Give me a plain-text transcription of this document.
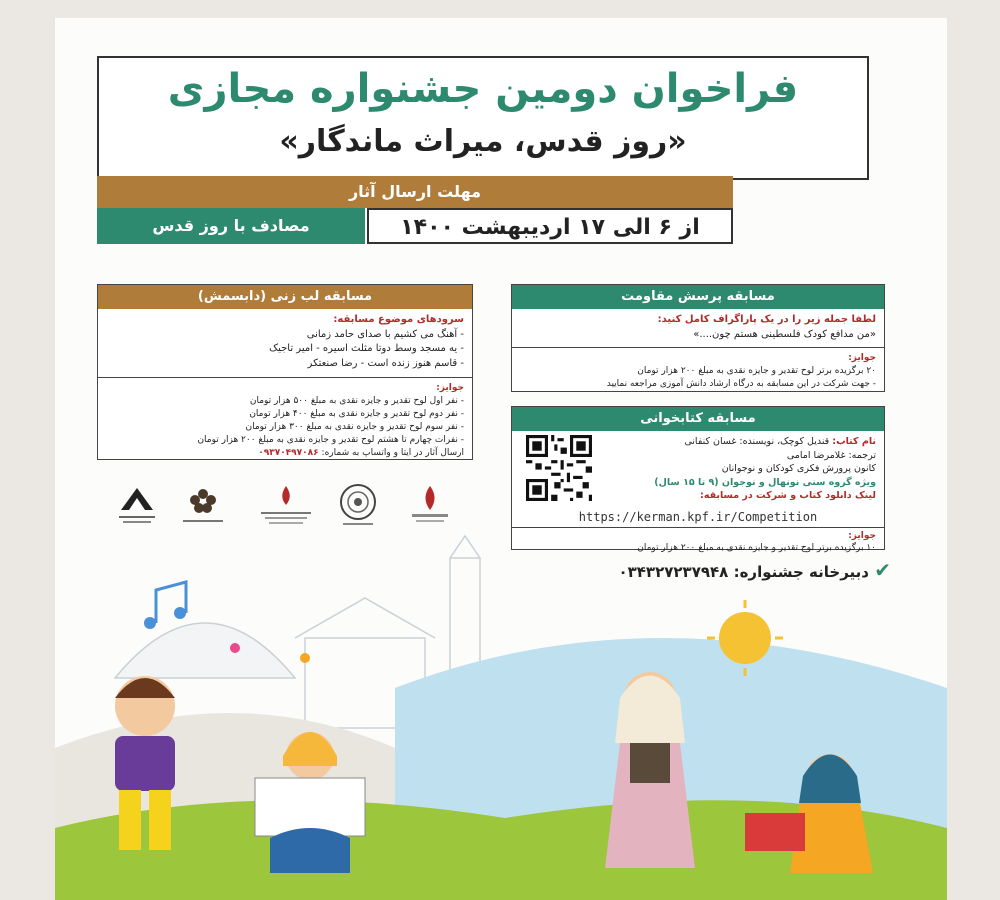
فراخوان دومین جشنواره مجازی
«روز قدس، میراث ماندگار»
مهلت ارسال آثار
از ۶ الی ۱۷ اردیبهشت ۱۴۰۰
مصادف با روز قدس
مسابقه لب زنی (دابسمش)
سرودهای موضوع مسابقه:
- آهنگ می کشیم با صدای حامد زمانی
- یه مسجد وسط دوتا مثلث اسیره - امیر تاجیک
- قاسم هنوز زنده است - رضا صنعتکر
جوایز:
- نفر اول لوح تقدیر و جایزه نقدی به مبلغ ۵۰۰ هزار تومان
- نفر دوم لوح تقدیر و جایزه نقدی به مبلغ ۴۰۰ هزار تومان
- نفر سوم لوح تقدیر و جایزه نقدی به مبلغ ۳۰۰ هزار تومان
- نفرات چهارم تا هشتم لوح تقدیر و جایزه نقدی به مبلغ ۲۰۰ هزار تومان
ارسال آثار در ایتا و واتساپ به شماره: ۰۹۳۷۰۴۹۷۰۸۶
مسابقه پرسش مقاومت
لطفا جمله زیر را در یک پاراگراف کامل کنید:
«من مدافع کودک فلسطینی هستم چون....»
جوایز:
۲۰ برگزیده برتر لوح تقدیر و جایزه نقدی به مبلغ ۲۰۰ هزار تومان
- جهت شرکت در این مسابقه به درگاه ارشاد دانش آموزی مراجعه نمایید
مسابقه کتابخوانی
نام کتاب: قندیل کوچک، نویسنده: غسان کنفانی
ترجمه: غلامرضا امامی
کانون پرورش فکری کودکان و نوجوانان
ویژه گروه سنی نونهال و نوجوان (۹ تا ۱۵ سال)
لینک دانلود کتاب و شرکت در مسابقه:
https://kerman.kpf.ir/Competition
جوایز:
۱۰ برگزیده برتر لوح تقدیر و جایزه نقدی به مبلغ ۲۰۰ هزار تومان
✔ دبیرخانه جشنواره: ۰۳۴۳۲۷۲۳۷۹۴۸
